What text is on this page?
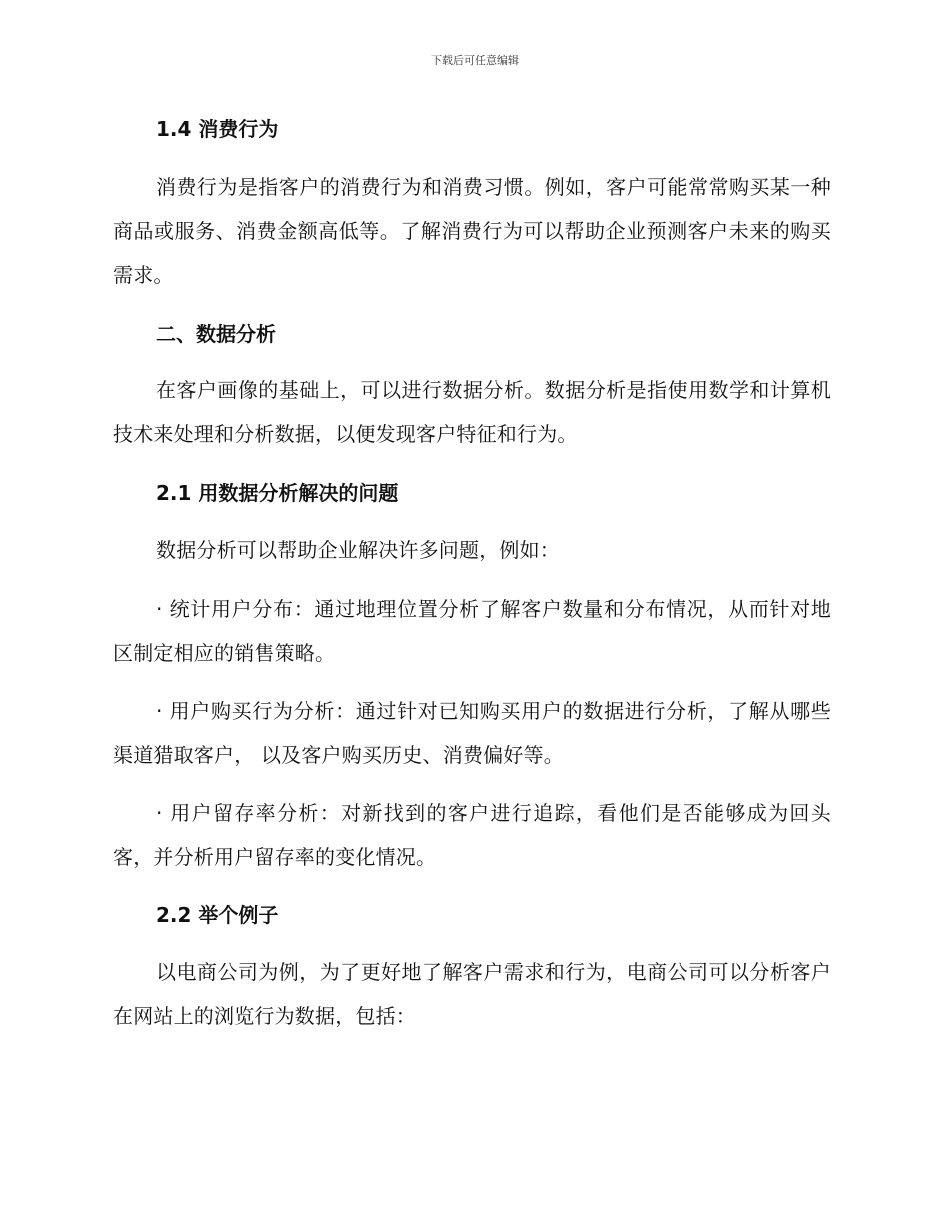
下载后可任意编辑
1.4 消费行为
消费行为是指客户的消费行为和消费习惯。例如，客户可能常常购买某一种商品或服务、消费金额高低等。了解消费行为可以帮助企业预测客户未来的购买需求。
二、数据分析
在客户画像的基础上，可以进行数据分析。数据分析是指使用数学和计算机技术来处理和分析数据，以便发现客户特征和行为。
2.1 用数据分析解决的问题
数据分析可以帮助企业解决许多问题，例如：
· 统计用户分布：通过地理位置分析了解客户数量和分布情况，从而针对地区制定相应的销售策略。
· 用户购买行为分析：通过针对已知购买用户的数据进行分析，了解从哪些渠道猎取客户， 以及客户购买历史、消费偏好等。
· 用户留存率分析：对新找到的客户进行追踪，看他们是否能够成为回头客，并分析用户留存率的变化情况。
2.2 举个例子
以电商公司为例，为了更好地了解客户需求和行为，电商公司可以分析客户在网站上的浏览行为数据，包括：
